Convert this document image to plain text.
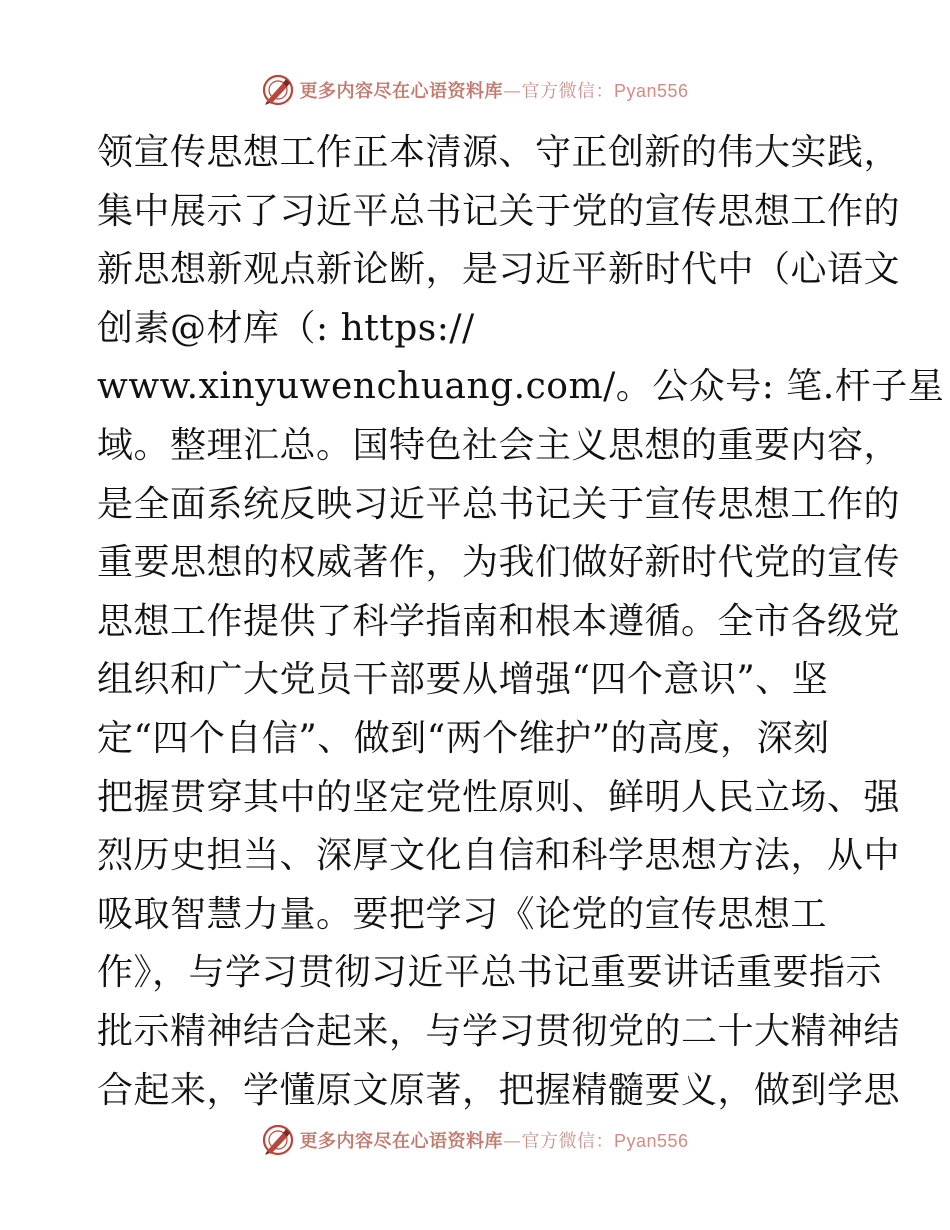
更多内容尽在心语资料库—官方微信：Pyan556
领宣传思想工作正本清源、守正创新的伟大实践，
集中展示了习近平总书记关于党的宣传思想工作的
新思想新观点新论断，是习近平新时代中（心语文
创素@材库（: https://
www.xinyuwenchuang.com/。公众号: 笔.杆子星
域。整理汇总。国特色社会主义思想的重要内容，
是全面系统反映习近平总书记关于宣传思想工作的
重要思想的权威著作，为我们做好新时代党的宣传
思想工作提供了科学指南和根本遵循。全市各级党
组织和广大党员干部要从增强“四个意识”、坚
定“四个自信”、做到“两个维护”的高度，深刻
把握贯穿其中的坚定党性原则、鲜明人民立场、强
烈历史担当、深厚文化自信和科学思想方法，从中
吸取智慧力量。要把学习《论党的宣传思想工
作》，与学习贯彻习近平总书记重要讲话重要指示
批示精神结合起来，与学习贯彻党的二十大精神结
合起来，学懂原文原著，把握精髓要义，做到学思
更多内容尽在心语资料库—官方微信：Pyan556
